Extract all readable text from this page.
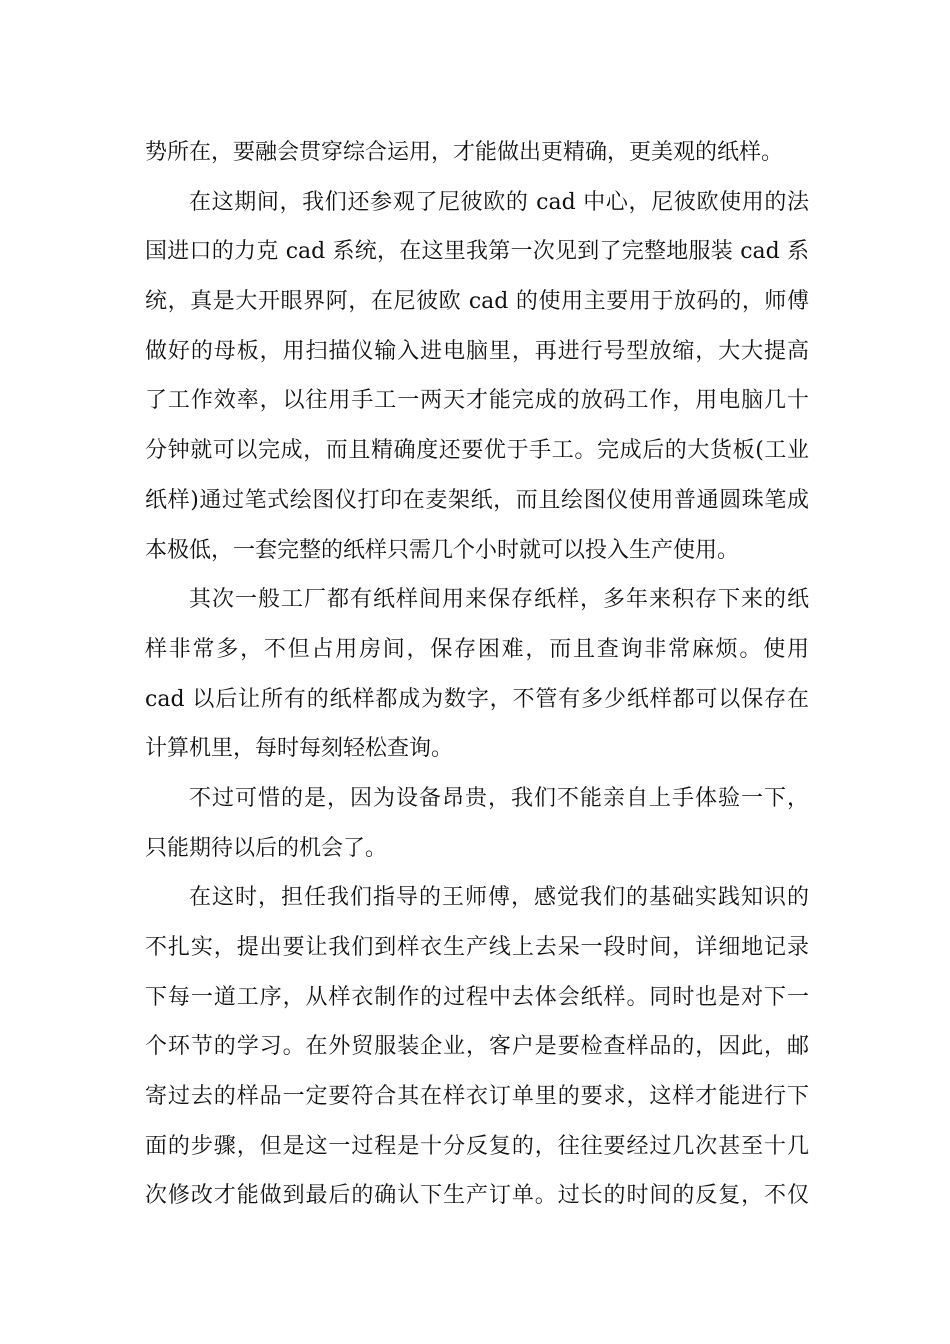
势所在，要融会贯穿综合运用，才能做出更精确，更美观的纸样。
在这期间，我们还参观了尼彼欧的 cad 中心，尼彼欧使用的法
国进口的力克 cad 系统，在这里我第一次见到了完整地服装 cad 系
统，真是大开眼界阿，在尼彼欧 cad 的使用主要用于放码的，师傅
做好的母板，用扫描仪输入进电脑里，再进行号型放缩，大大提高
了工作效率，以往用手工一两天才能完成的放码工作，用电脑几十
分钟就可以完成，而且精确度还要优于手工。完成后的大货板(工业
纸样)通过笔式绘图仪打印在麦架纸，而且绘图仪使用普通圆珠笔成
本极低，一套完整的纸样只需几个小时就可以投入生产使用。
其次一般工厂都有纸样间用来保存纸样，多年来积存下来的纸
样非常多，不但占用房间，保存困难，而且查询非常麻烦。使用
cad 以后让所有的纸样都成为数字，不管有多少纸样都可以保存在
计算机里，每时每刻轻松查询。
不过可惜的是，因为设备昂贵，我们不能亲自上手体验一下，
只能期待以后的机会了。
在这时，担任我们指导的王师傅，感觉我们的基础实践知识的
不扎实，提出要让我们到样衣生产线上去呆一段时间，详细地记录
下每一道工序，从样衣制作的过程中去体会纸样。同时也是对下一
个环节的学习。在外贸服装企业，客户是要检查样品的，因此，邮
寄过去的样品一定要符合其在样衣订单里的要求，这样才能进行下
面的步骤，但是这一过程是十分反复的，往往要经过几次甚至十几
次修改才能做到最后的确认下生产订单。过长的时间的反复，不仅
